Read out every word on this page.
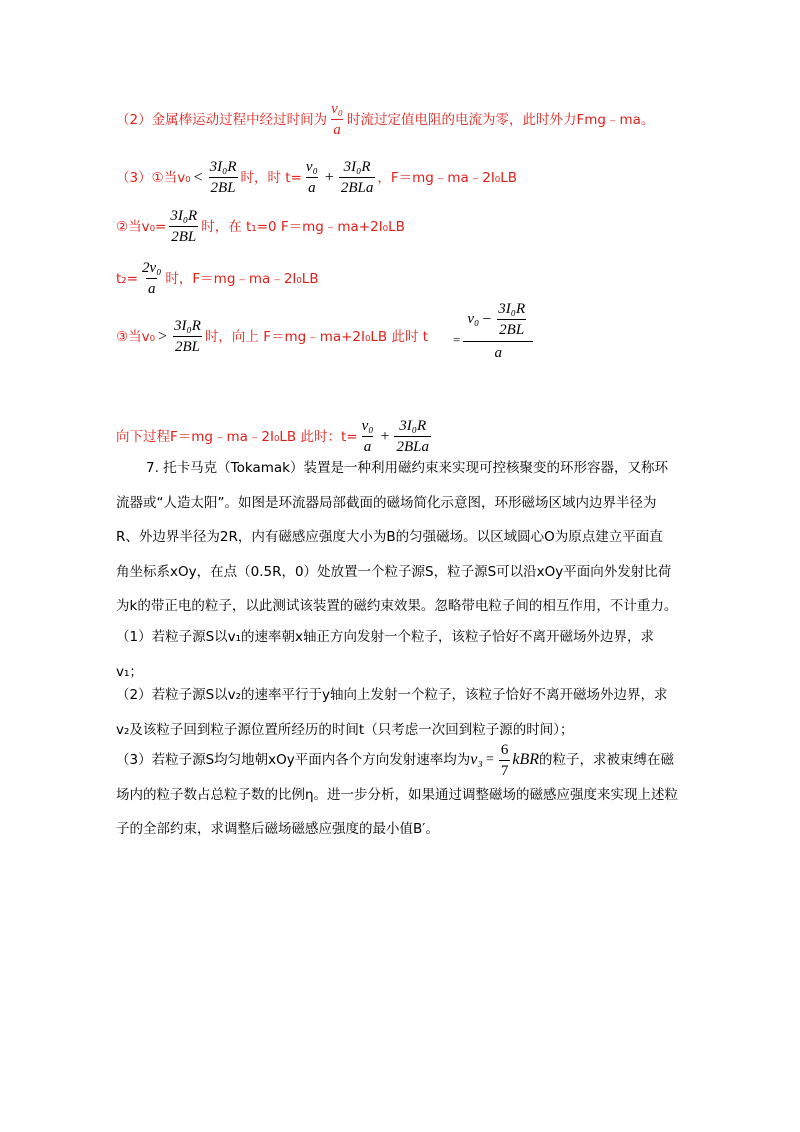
（2）金属棒运动过程中经过时间为 $\frac{\text{v₀}}{a}$ 时流过定值电阻的电流为零，此时外力Fmg﹣ma。
（3）①当$v_0 < \frac{\text{3I₀R}}{2BL}$ 时，时 $t= \frac{\text{v₀}}{a} + \frac{\text{3I₀R}}{\text{2BLa}}$ ，F＝mg﹣ma﹣2I₀LB
②当$v_0= \frac{\text{3I₀R}}{2BL}$ 时，在 t₁=0 F＝mg﹣ma+2I₀LB
$t_2= \frac{\text{2v₀}}{a}$ 时，F＝mg﹣ma﹣2I₀LB
③当$v_0 > \frac{\text{3I₀R}}{2BL}$ 时，向上 F＝mg﹣ma+2I₀LB 此时 $t = \frac{v_0 - \frac{\text{3I₀R}}{2BL}}{a}$
向下过程F＝mg﹣ma﹣2I₀LB 此时：$t= \frac{\text{v₀}}{a} + \frac{\text{3I₀R}}{\text{2BLa}}$
7. 托卡马克（Tokamak）装置是一种利用磁约束来实现可控核聚变的环形容器，又称环
流器或“人造太阳”。如图是环流器局部截面的磁场简化示意图，环形磁场区域内边界半径为
R、外边界半径为2R，内有磁感应强度大小为B的匀强磁场。以区域圆心O为原点建立平面直
角坐标系xOy，在点（0.5R，0）处放置一个粒子源S，粒子源S可以沿xOy平面向外发射比荷
为k的带正电的粒子，以此测试该装置的磁约束效果。忽略带电粒子间的相互作用，不计重力。
（1）若粒子源S以v₁的速率朝x轴正方向发射一个粒子，该粒子恰好不离开磁场外边界，求
v₁；
（2）若粒子源S以v₂的速率平行于y轴向上发射一个粒子，该粒子恰好不离开磁场外边界，求
v₂及该粒子回到粒子源位置所经历的时间t（只考虑一次回到粒子源的时间）；
（3）若粒子源S均匀地朝xOy平面内各个方向发射速率均为 $v_3 = \frac{6}{7}$ kBR 的粒子，求被束缚在磁
场内的粒子数占总粒子数的比例η。进一步分析，如果通过调整磁场的磁感应强度来实现上述粒
子的全部约束，求调整后磁场磁感应强度的最小值B′。
